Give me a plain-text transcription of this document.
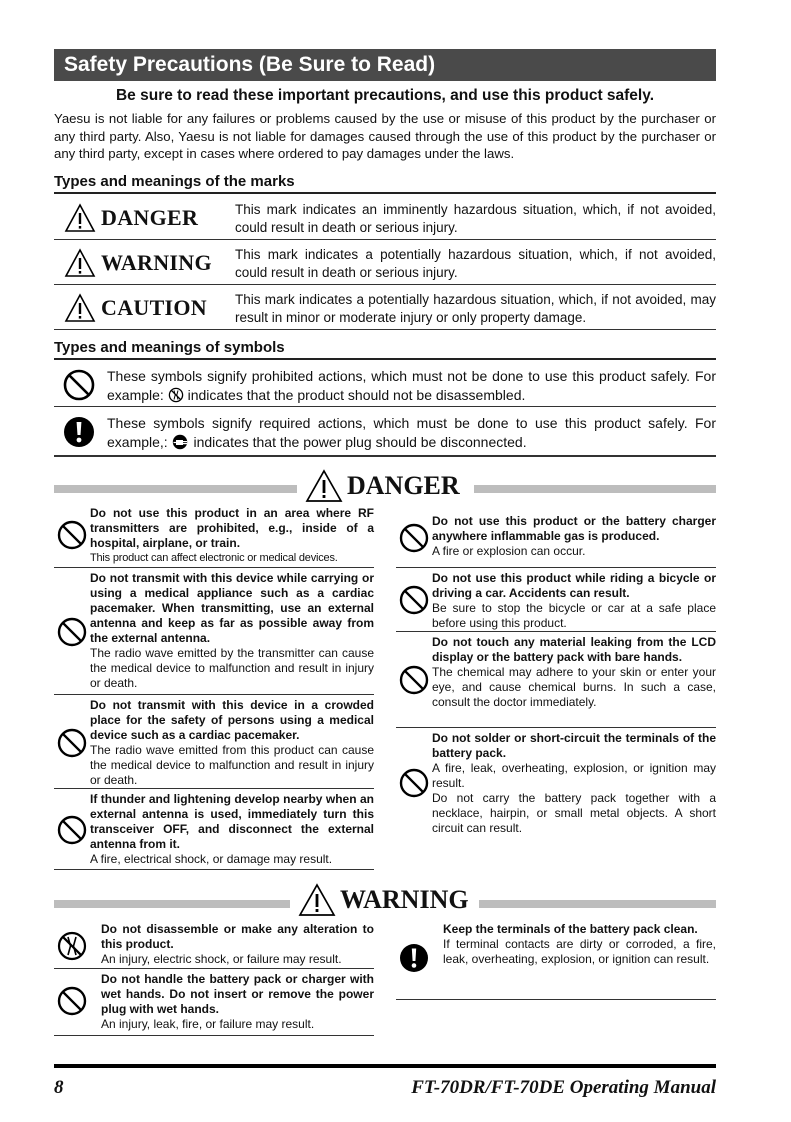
Safety Precautions (Be Sure to Read)
Be sure to read these important precautions, and use this product safely.
Yaesu is not liable for any failures or problems caused by the use or misuse of this product by the purchaser or any third party. Also, Yaesu is not liable for damages caused through the use of this product by the purchaser or any third party, except in cases where ordered to pay damages under the laws.
Types and meanings of the marks
DANGER	This mark indicates an imminently hazardous situation, which, if not avoided, could result in death or serious injury.
WARNING This mark indicates a potentially hazardous situation, which, if not avoided, could result in death or serious injury.
CAUTION This mark indicates a potentially hazardous situation, which, if not avoided, may result in minor or moderate injury or only property damage.
Types and meanings of symbols
These symbols signify prohibited actions, which must not be done to use this product safely. For example:  indicates that the product should not be disassembled.
These symbols signify required actions, which must be done to use this product safely. For example,:  indicates that the power plug should be disconnected.
DANGER
Do not use this product in an area where RF transmitters are prohibited, e.g., inside of a hospital, airplane, or train.
This product can affect electronic or medical devices.
Do not transmit with this device while carrying or using a medical appliance such as a cardiac pacemaker. When transmitting, use an external antenna and keep as far as possible away from the external antenna.
The radio wave emitted by the transmitter can cause the medical device to malfunction and result in injury or death.
Do not transmit with this device in a crowded place for the safety of persons using a medical device such as a cardiac pacemaker.
The radio wave emitted from this product can cause the medical device to malfunction and result in injury or death.
If thunder and lightening develop nearby when an external antenna is used, immediately turn this transceiver OFF, and disconnect the external antenna from it.
A fire, electrical shock, or damage may result.
Do not use this product or the battery charger anywhere inflammable gas is produced.
A fire or explosion can occur.
Do not use this product while riding a bicycle or driving a car. Accidents can result.
Be sure to stop the bicycle or car at a safe place before using this product.
Do not touch any material leaking from the LCD display or the battery pack with bare hands.
The chemical may adhere to your skin or enter your eye, and cause chemical burns. In such a case, consult the doctor immediately.
Do not solder or short-circuit the terminals of the battery pack.
A fire, leak, overheating, explosion, or ignition may result.
Do not carry the battery pack together with a necklace, hairpin, or small metal objects. A short circuit can result.
WARNING
Do not disassemble or make any alteration to this product.
An injury, electric shock, or failure may result.
Do not handle the battery pack or charger with wet hands. Do not insert or remove the power plug with wet hands.
An injury, leak, fire, or failure may result.
Keep the terminals of the battery pack clean.
If terminal contacts are dirty or corroded, a fire, leak, overheating, explosion, or ignition can result.
8	FT-70DR/FT-70DE Operating Manual
